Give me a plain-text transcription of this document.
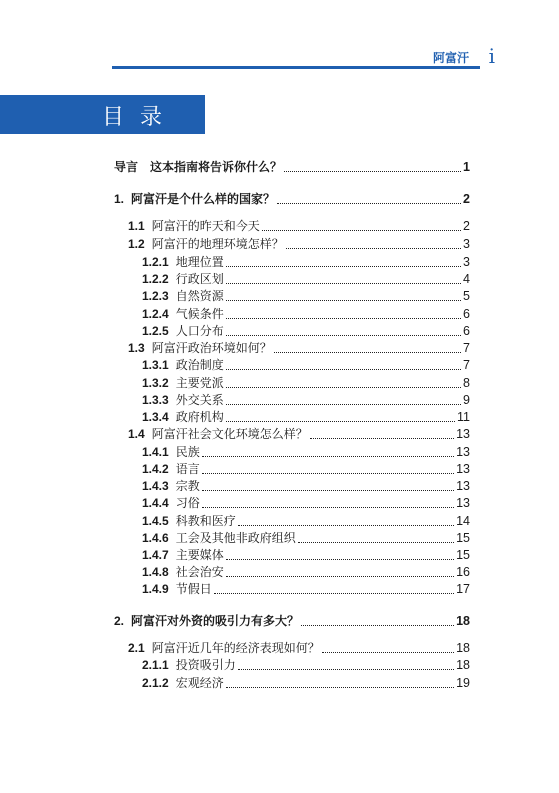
阿富汗 i
目录
导言 这本指南将告诉你什么？	1
1. 阿富汗是个什么样的国家？	2
1.1 阿富汗的昨天和今天	2
1.2 阿富汗的地理环境怎样？	3
1.2.1 地理位置	3
1.2.2 行政区划	4
1.2.3 自然资源	5
1.2.4 气候条件	6
1.2.5 人口分布	6
1.3 阿富汗政治环境如何？	7
1.3.1 政治制度	7
1.3.2 主要党派	8
1.3.3 外交关系	9
1.3.4 政府机构	11
1.4 阿富汗社会文化环境怎么样？	13
1.4.1 民族	13
1.4.2 语言	13
1.4.3 宗教	13
1.4.4 习俗	13
1.4.5 科教和医疗	14
1.4.6 工会及其他非政府组织	15
1.4.7 主要媒体	15
1.4.8 社会治安	16
1.4.9 节假日	17
2. 阿富汗对外资的吸引力有多大？	18
2.1 阿富汗近几年的经济表现如何？	18
2.1.1 投资吸引力	18
2.1.2 宏观经济	19
